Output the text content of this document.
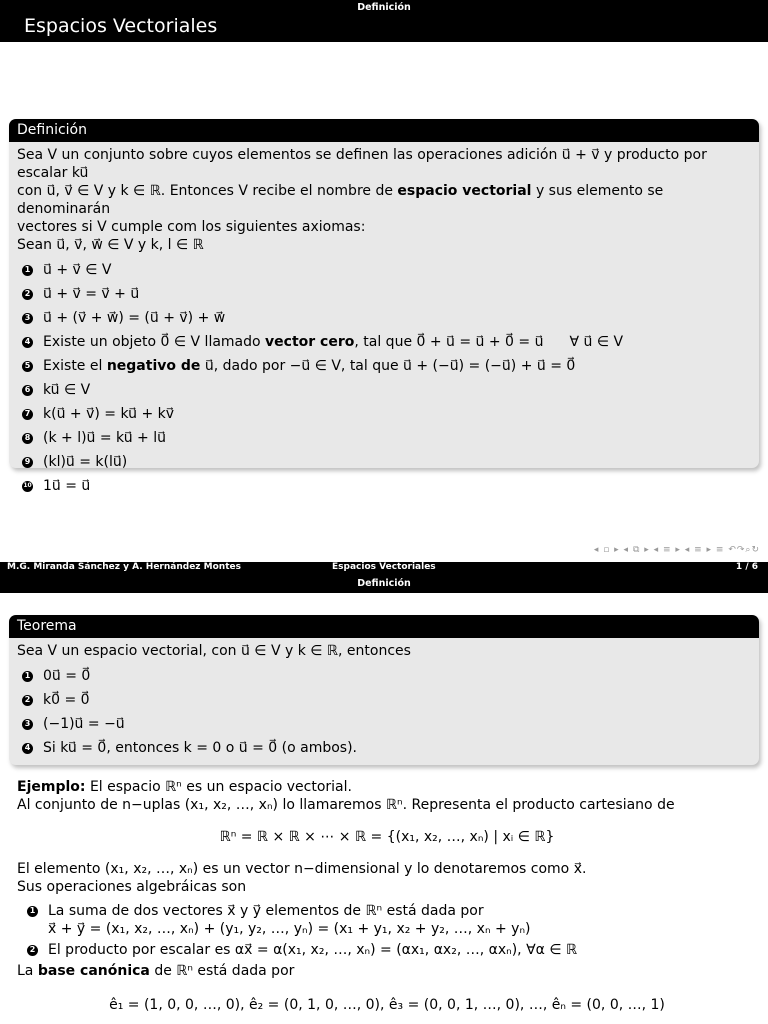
Definición
Espacios Vectoriales
Definición
Sea V un conjunto sobre cuyos elementos se definen las operaciones adición u⃗ + v⃗ y producto por escalar ku⃗
con u⃗, v⃗ ∈ V y k ∈ ℝ. Entonces V recibe el nombre de espacio vectorial y sus elemento se denominarán
vectores si V cumple com los siguientes axiomas:
Sean u⃗, v⃗, w⃗ ∈ V y k, l ∈ ℝ
1 u⃗ + v⃗ ∈ V
2 u⃗ + v⃗ = v⃗ + u⃗
3 u⃗ + (v⃗ + w⃗) = (u⃗ + v⃗) + w⃗
4 Existe un objeto 0⃗ ∈ V llamado
vector cero , tal que 0⃗ + u⃗ = u⃗ + 0⃗ = u⃗ ∀ u⃗ ∈ V
5 Existe el
negativo de
u⃗, dado por −u⃗ ∈ V, tal que u⃗ + (−u⃗) = (−u⃗) + u⃗ = 0⃗
6 ku⃗ ∈ V
7 k(u⃗ + v⃗) = ku⃗ + kv⃗
8 (k + l)u⃗ = ku⃗ + lu⃗
9 (kl)u⃗ = k(lu⃗)
10 1u⃗ = u⃗
◂ ▫ ▸ ◂ ⧉ ▸ ◂ ≡ ▸ ◂ ≡ ▸ ≡ ↶↷⌕↻
M.G. Miranda Sánchez y A. Hernández Montes	Espacios Vectoriales	1 / 6
Definición
Teorema
Sea V un espacio vectorial, con u⃗ ∈ V y k ∈ ℝ, entonces
1 0u⃗ = 0⃗
2 k0⃗ = 0⃗
3 (−1)u⃗ = −u⃗
4 Si ku⃗ = 0⃗, entonces k = 0 o u⃗ = 0⃗ (o ambos).
Ejemplo: El espacio ℝⁿ es un espacio vectorial.
Al conjunto de n−uplas (x₁, x₂, …, xₙ) lo llamaremos ℝⁿ. Representa el producto cartesiano de
ℝⁿ = ℝ × ℝ × ⋯ × ℝ = {(x₁, x₂, …, xₙ) | xᵢ ∈ ℝ}
El elemento (x₁, x₂, …, xₙ) es un vector n−dimensional y lo denotaremos como x⃗.
Sus operaciones algebráicas son
1 La suma de dos vectores x⃗ y y⃗ elementos de ℝⁿ está dada por
x⃗ + y⃗ = (x₁, x₂, …, xₙ) + (y₁, y₂, …, yₙ) = (x₁ + y₁, x₂ + y₂, …, xₙ + yₙ)
2 El producto por escalar es αx⃗ = α(x₁, x₂, …, xₙ) = (αx₁, αx₂, …, αxₙ), ∀α ∈ ℝ
La base canónica de ℝⁿ está dada por
ê₁ = (1, 0, 0, …, 0), ê₂ = (0, 1, 0, …, 0), ê₃ = (0, 0, 1, …, 0), …, êₙ = (0, 0, …, 1)
